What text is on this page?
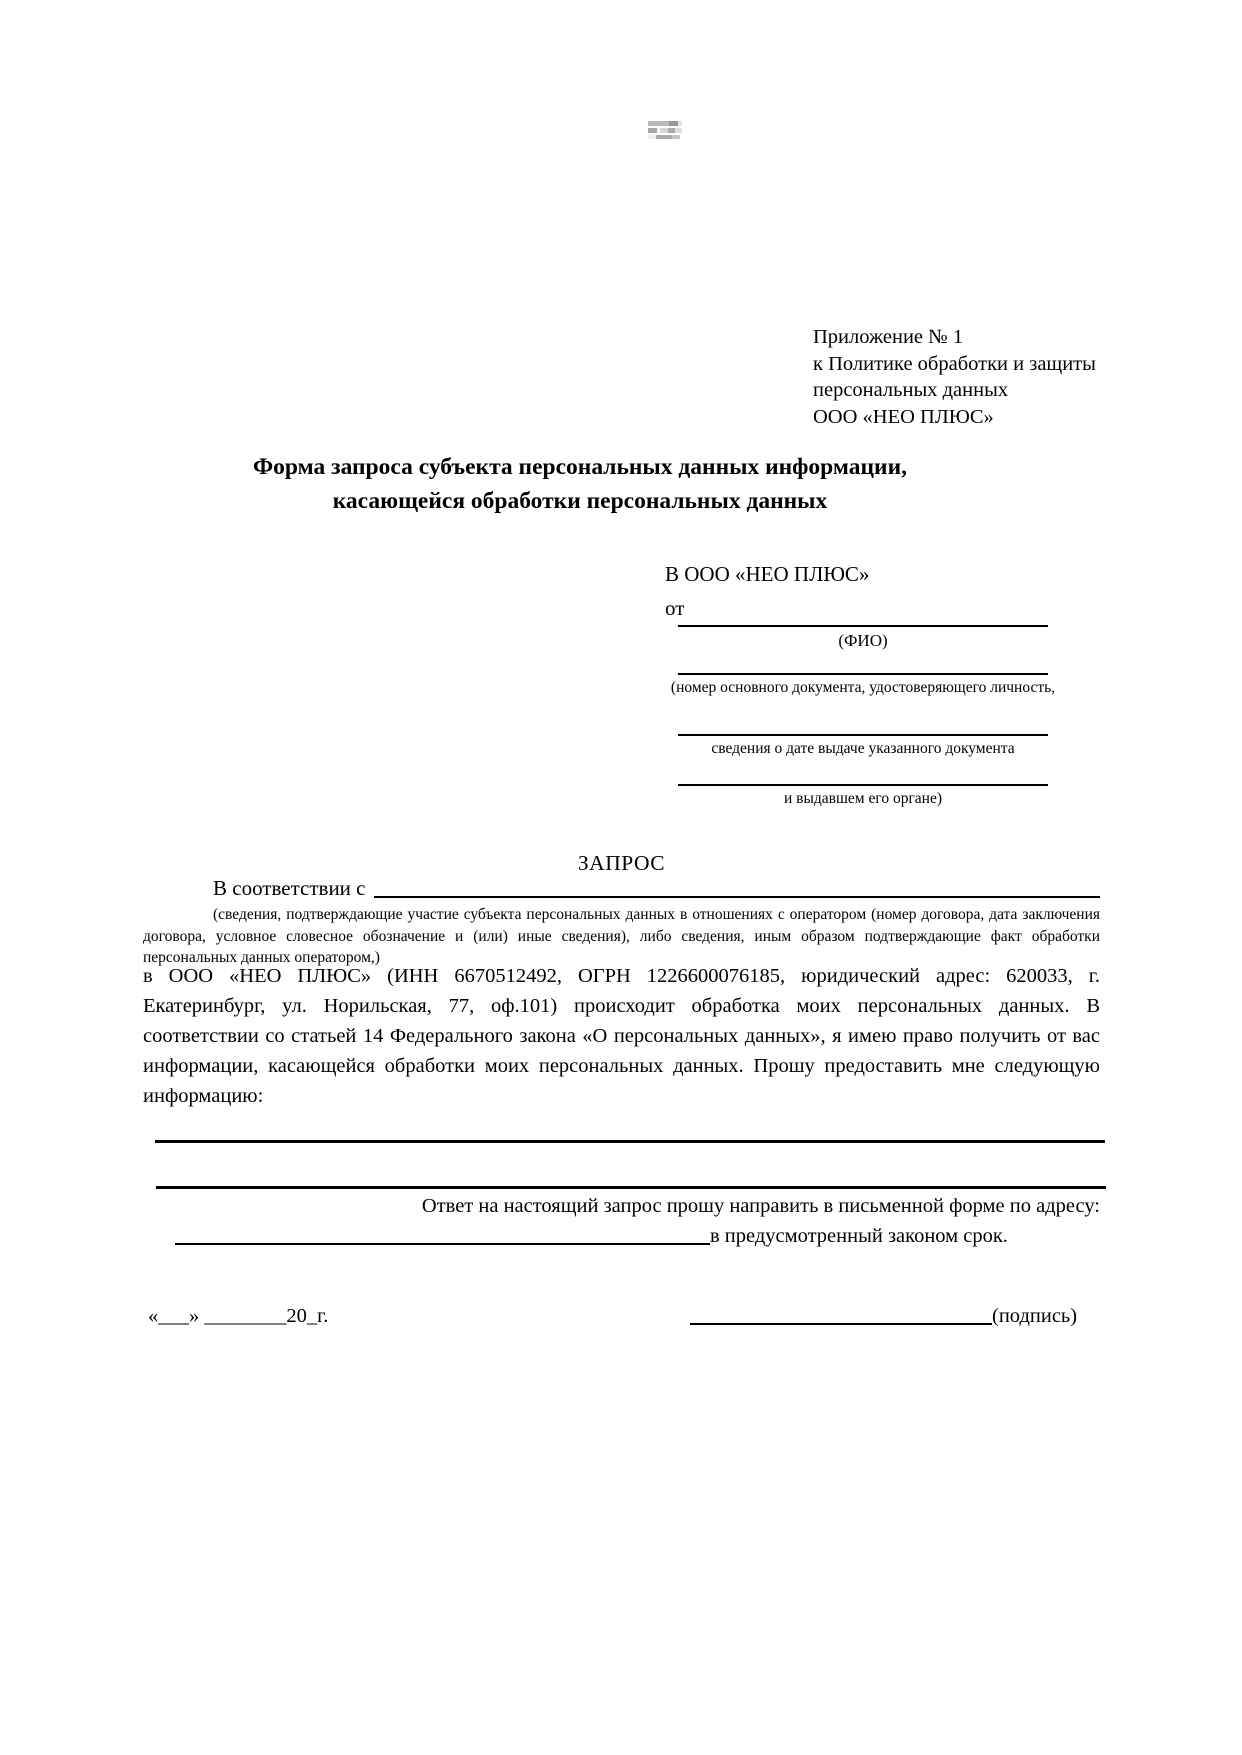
Приложение № 1
к Политике обработки и защиты
персональных данных
ООО «НЕО ПЛЮС»
Форма запроса субъекта персональных данных информации,
касающейся обработки персональных данных
В ООО «НЕО ПЛЮС»
от
(ФИО)
(номер основного документа, удостоверяющего личность,
сведения о дате выдаче указанного документа
и выдавшем его органе)
ЗАПРОС
В соответствии с
(сведения, подтверждающие участие субъекта персональных данных в отношениях с оператором (номер договора, дата заключения договора, условное словесное обозначение и (или) иные сведения), либо сведения, иным образом подтверждающие факт обработки персональных данных оператором,)
в ООО «НЕО ПЛЮС» (ИНН 6670512492, ОГРН 1226600076185, юридический адрес: 620033, г. Екатеринбург, ул. Норильская, 77, оф.101) происходит обработка моих персональных данных. В соответствии со статьей 14 Федерального закона «О персональных данных», я имею право получить от вас информации, касающейся обработки моих персональных данных. Прошу предоставить мне следующую информацию:
Ответ на настоящий запрос прошу направить в письменной форме по адресу:
в предусмотренный законом срок.
«___» ________20_г.	(подпись)
